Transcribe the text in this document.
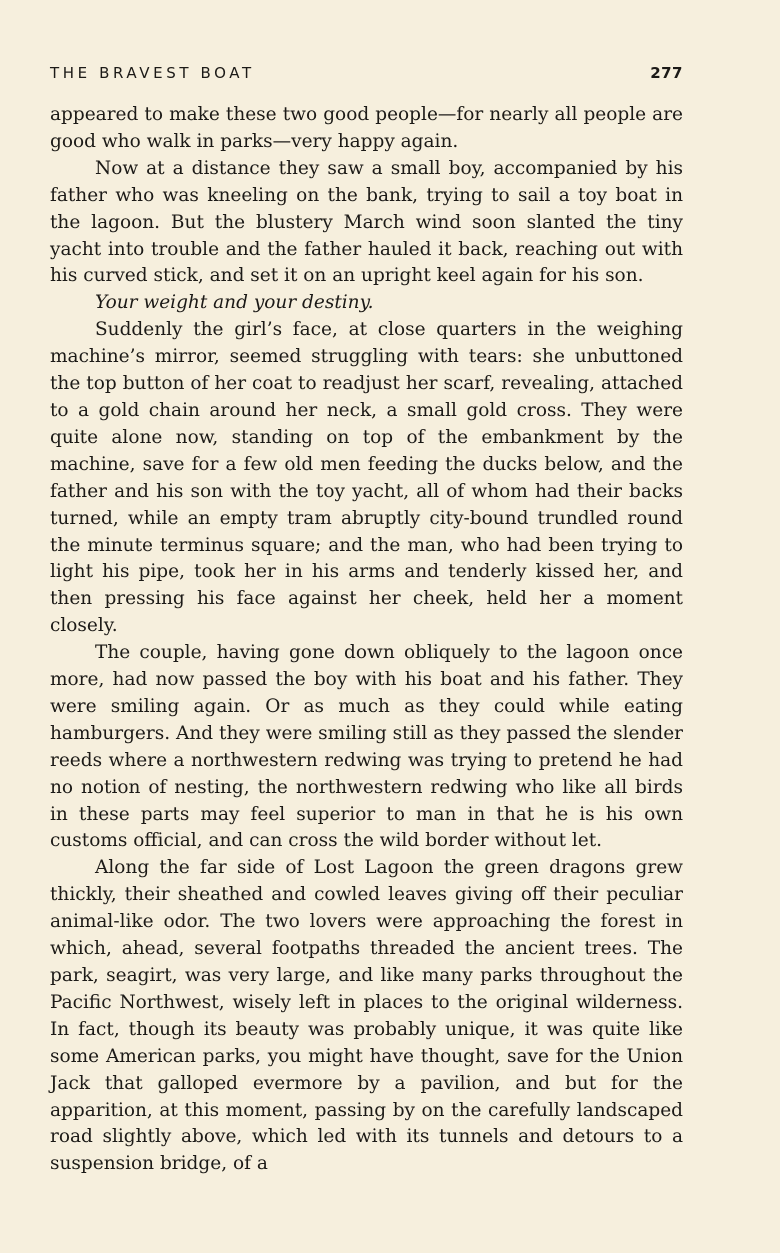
THE BRAVEST BOAT	277

appeared to make these two good people—for nearly all people are good who walk in parks—very happy again.

Now at a distance they saw a small boy, accompanied by his father who was kneeling on the bank, trying to sail a toy boat in the lagoon. But the blustery March wind soon slanted the tiny yacht into trouble and the father hauled it back, reaching out with his curved stick, and set it on an upright keel again for his son.

Your weight and your destiny.

Suddenly the girl’s face, at close quarters in the weighing machine’s mirror, seemed struggling with tears: she unbuttoned the top button of her coat to readjust her scarf, revealing, attached to a gold chain around her neck, a small gold cross. They were quite alone now, standing on top of the embankment by the machine, save for a few old men feeding the ducks below, and the father and his son with the toy yacht, all of whom had their backs turned, while an empty tram abruptly city-bound trundled round the minute terminus square; and the man, who had been trying to light his pipe, took her in his arms and tenderly kissed her, and then pressing his face against her cheek, held her a moment closely.

The couple, having gone down obliquely to the lagoon once more, had now passed the boy with his boat and his father. They were smiling again. Or as much as they could while eating hamburgers. And they were smiling still as they passed the slender reeds where a northwestern redwing was trying to pretend he had no notion of nesting, the northwestern redwing who like all birds in these parts may feel superior to man in that he is his own customs official, and can cross the wild border without let.

Along the far side of Lost Lagoon the green dragons grew thickly, their sheathed and cowled leaves giving off their peculiar animal-like odor. The two lovers were approaching the forest in which, ahead, several footpaths threaded the ancient trees. The park, seagirt, was very large, and like many parks throughout the Pacific Northwest, wisely left in places to the original wilderness. In fact, though its beauty was probably unique, it was quite like some American parks, you might have thought, save for the Union Jack that galloped evermore by a pavilion, and but for the apparition, at this moment, passing by on the carefully landscaped road slightly above, which led with its tunnels and detours to a suspension bridge, of a
